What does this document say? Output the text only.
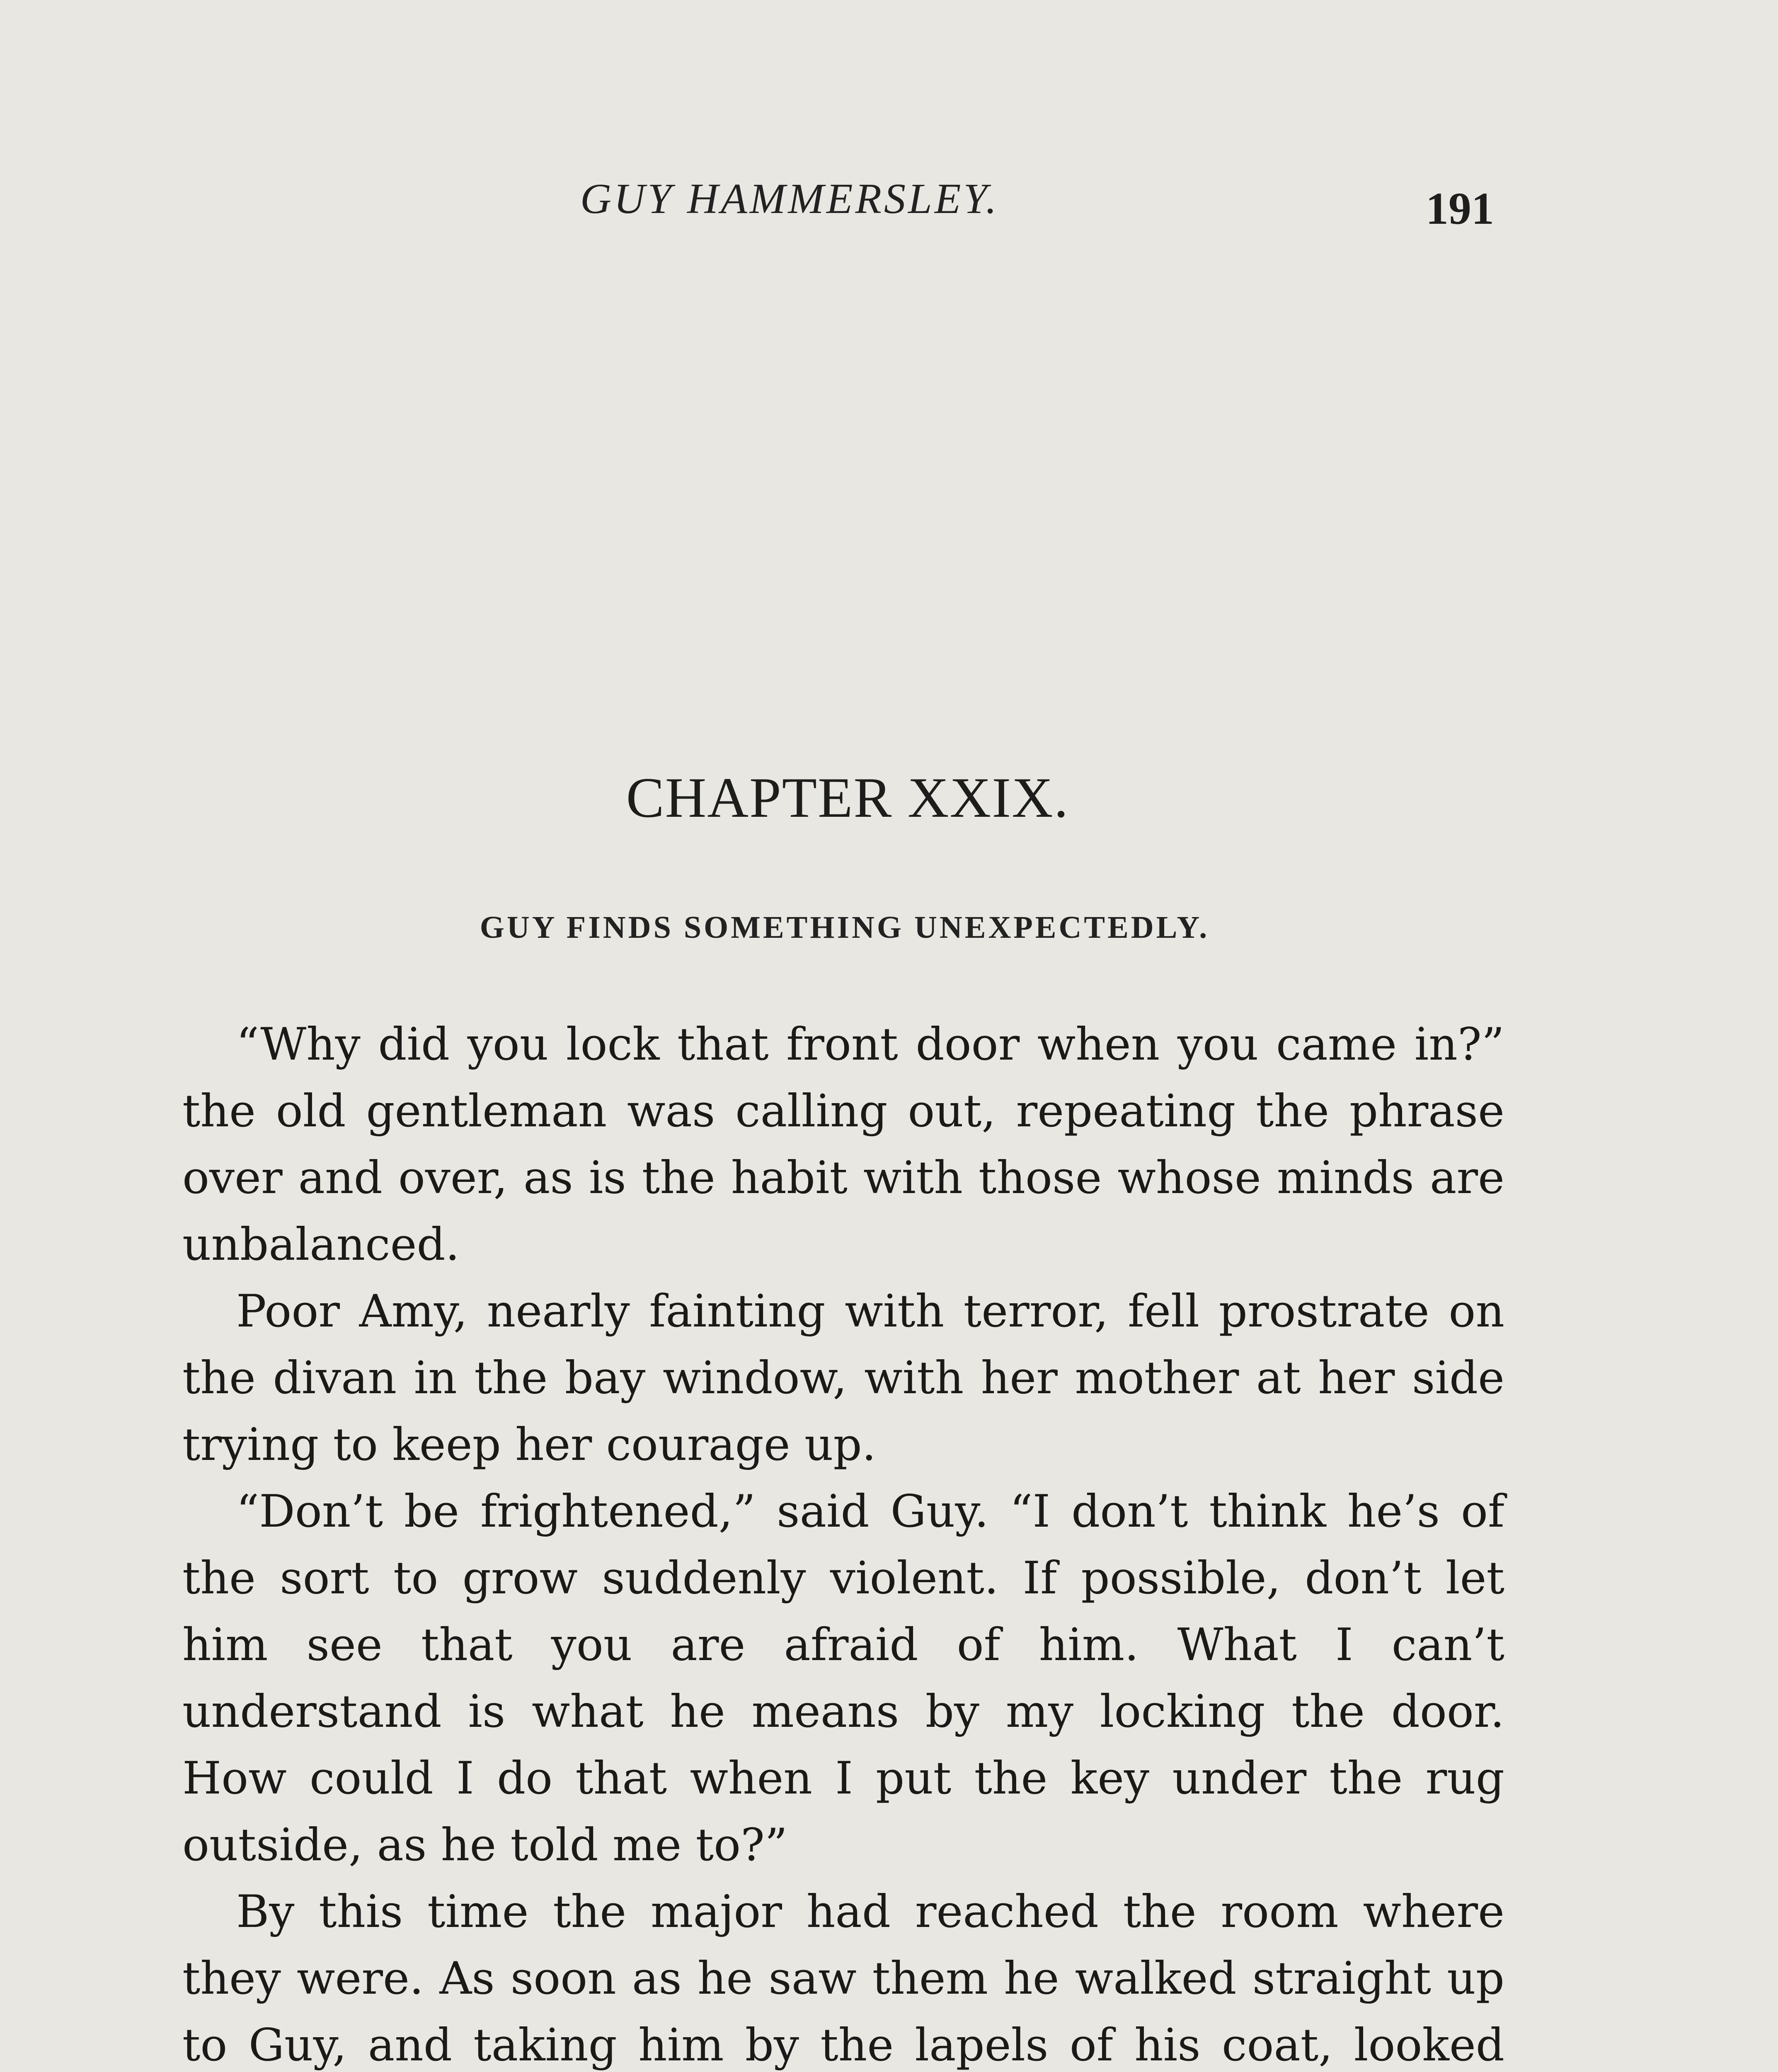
GUY HAMMERSLEY.	191
CHAPTER XXIX.
GUY FINDS SOMETHING UNEXPECTEDLY.

“Why did you lock that front door when you came in?” the old gentleman was calling out, repeating the phrase over and over, as is the habit with those whose minds are unbalanced.

Poor Amy, nearly fainting with terror, fell prostrate on the divan in the bay window, with her mother at her side trying to keep her courage up.

“Don’t be frightened,” said Guy. “I don’t think he’s of the sort to grow suddenly violent. If possible, don’t let him see that you are afraid of him. What I can’t understand is what he means by my locking the door. How could I do that when I put the key under the rug outside, as he told me to?”

By this time the major had reached the room where they were. As soon as he saw them he walked straight up to Guy, and taking him by the lapels of his coat, looked
